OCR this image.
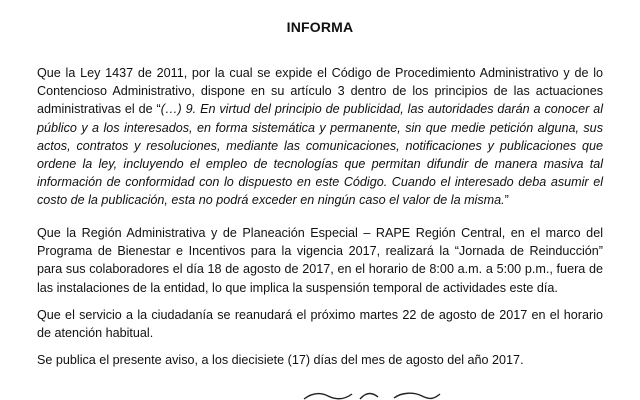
INFORMA

Que la Ley 1437 de 2011, por la cual se expide el Código de Procedimiento Administrativo y de lo Contencioso Administrativo, dispone en su artículo 3 dentro de los principios de las actuaciones administrativas el de “(…) 9. En virtud del principio de publicidad, las autoridades darán a conocer al público y a los interesados, en forma sistemática y permanente, sin que medie petición alguna, sus actos, contratos y resoluciones, mediante las comunicaciones, notificaciones y publicaciones que ordene la ley, incluyendo el empleo de tecnologías que permitan difundir de manera masiva tal información de conformidad con lo dispuesto en este Código. Cuando el interesado deba asumir el costo de la publicación, esta no podrá exceder en ningún caso el valor de la misma.”

Que la Región Administrativa y de Planeación Especial – RAPE Región Central, en el marco del Programa de Bienestar e Incentivos para la vigencia 2017, realizará la “Jornada de Reinducción” para sus colaboradores el día 18 de agosto de 2017, en el horario de 8:00 a.m. a 5:00 p.m., fuera de las instalaciones de la entidad, lo que implica la suspensión temporal de actividades este día.

Que el servicio a la ciudadanía se reanudará el próximo martes 22 de agosto de 2017 en el horario de atención habitual.

Se publica el presente aviso, a los diecisiete (17) días del mes de agosto del año 2017.
